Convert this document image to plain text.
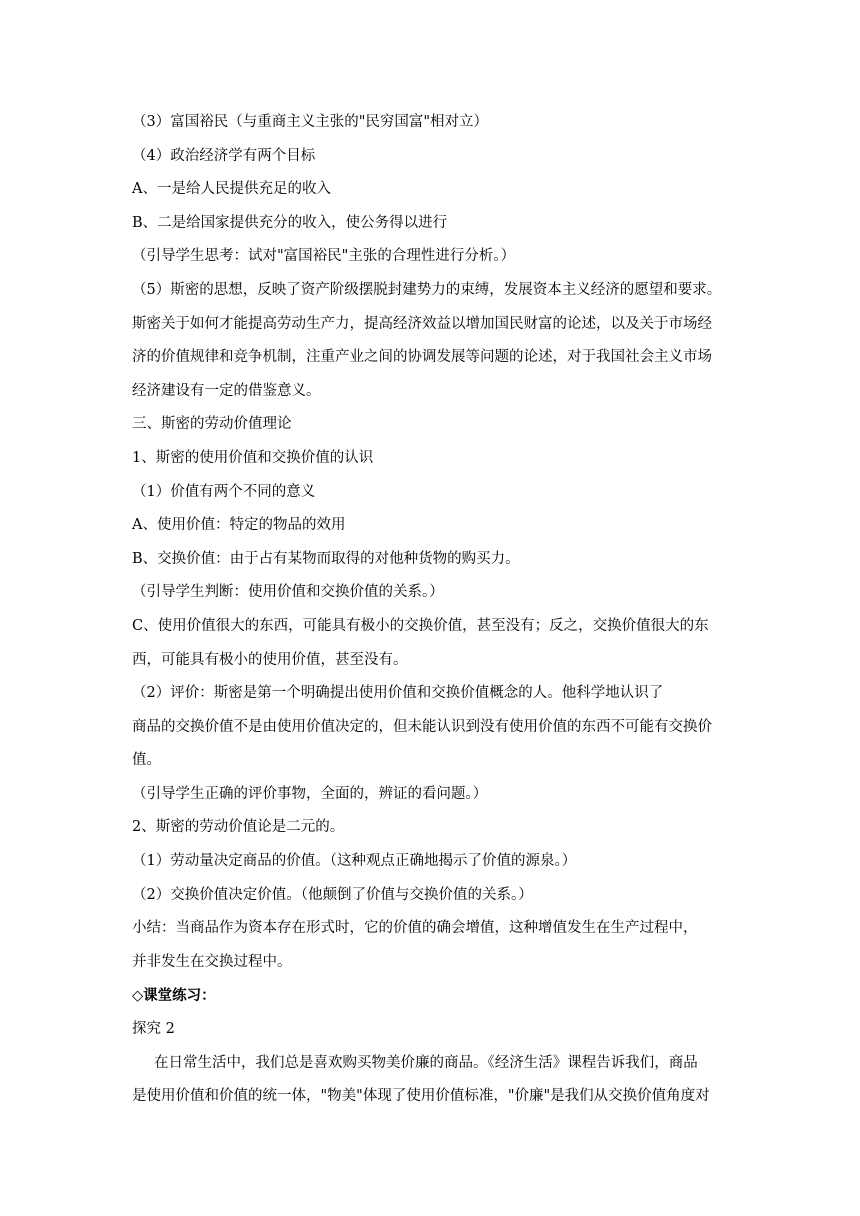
（3）富国裕民（与重商主义主张的"民穷国富"相对立）
（4）政治经济学有两个目标
A、一是给人民提供充足的收入
B、二是给国家提供充分的收入，使公务得以进行
（引导学生思考：试对"富国裕民"主张的合理性进行分析。）
（5）斯密的思想，反映了资产阶级摆脱封建势力的束缚，发展资本主义经济的愿望和要求。
斯密关于如何才能提高劳动生产力，提高经济效益以增加国民财富的论述，以及关于市场经
济的价值规律和竞争机制，注重产业之间的协调发展等问题的论述，对于我国社会主义市场
经济建设有一定的借鉴意义。
三、斯密的劳动价值理论
1、斯密的使用价值和交换价值的认识
（1）价值有两个不同的意义
A、使用价值：特定的物品的效用
B、交换价值：由于占有某物而取得的对他种货物的购买力。
（引导学生判断：使用价值和交换价值的关系。）
C、使用价值很大的东西，可能具有极小的交换价值，甚至没有；反之，交换价值很大的东
西，可能具有极小的使用价值，甚至没有。
（2）评价：斯密是第一个明确提出使用价值和交换价值概念的人。他科学地认识了
商品的交换价值不是由使用价值决定的，但未能认识到没有使用价值的东西不可能有交换价
值。
（引导学生正确的评价事物，全面的，辨证的看问题。）
2、斯密的劳动价值论是二元的。
（1）劳动量决定商品的价值。（这种观点正确地揭示了价值的源泉。）
（2）交换价值决定价值。（他颠倒了价值与交换价值的关系。）
小结：当商品作为资本存在形式时，它的价值的确会增值，这种增值发生在生产过程中，
并非发生在交换过程中。
◇课堂练习：
探究 2
在日常生活中，我们总是喜欢购买物美价廉的商品。《经济生活》课程告诉我们，商品
是使用价值和价值的统一体，"物美"体现了使用价值标准，"价廉"是我们从交换价值角度对
